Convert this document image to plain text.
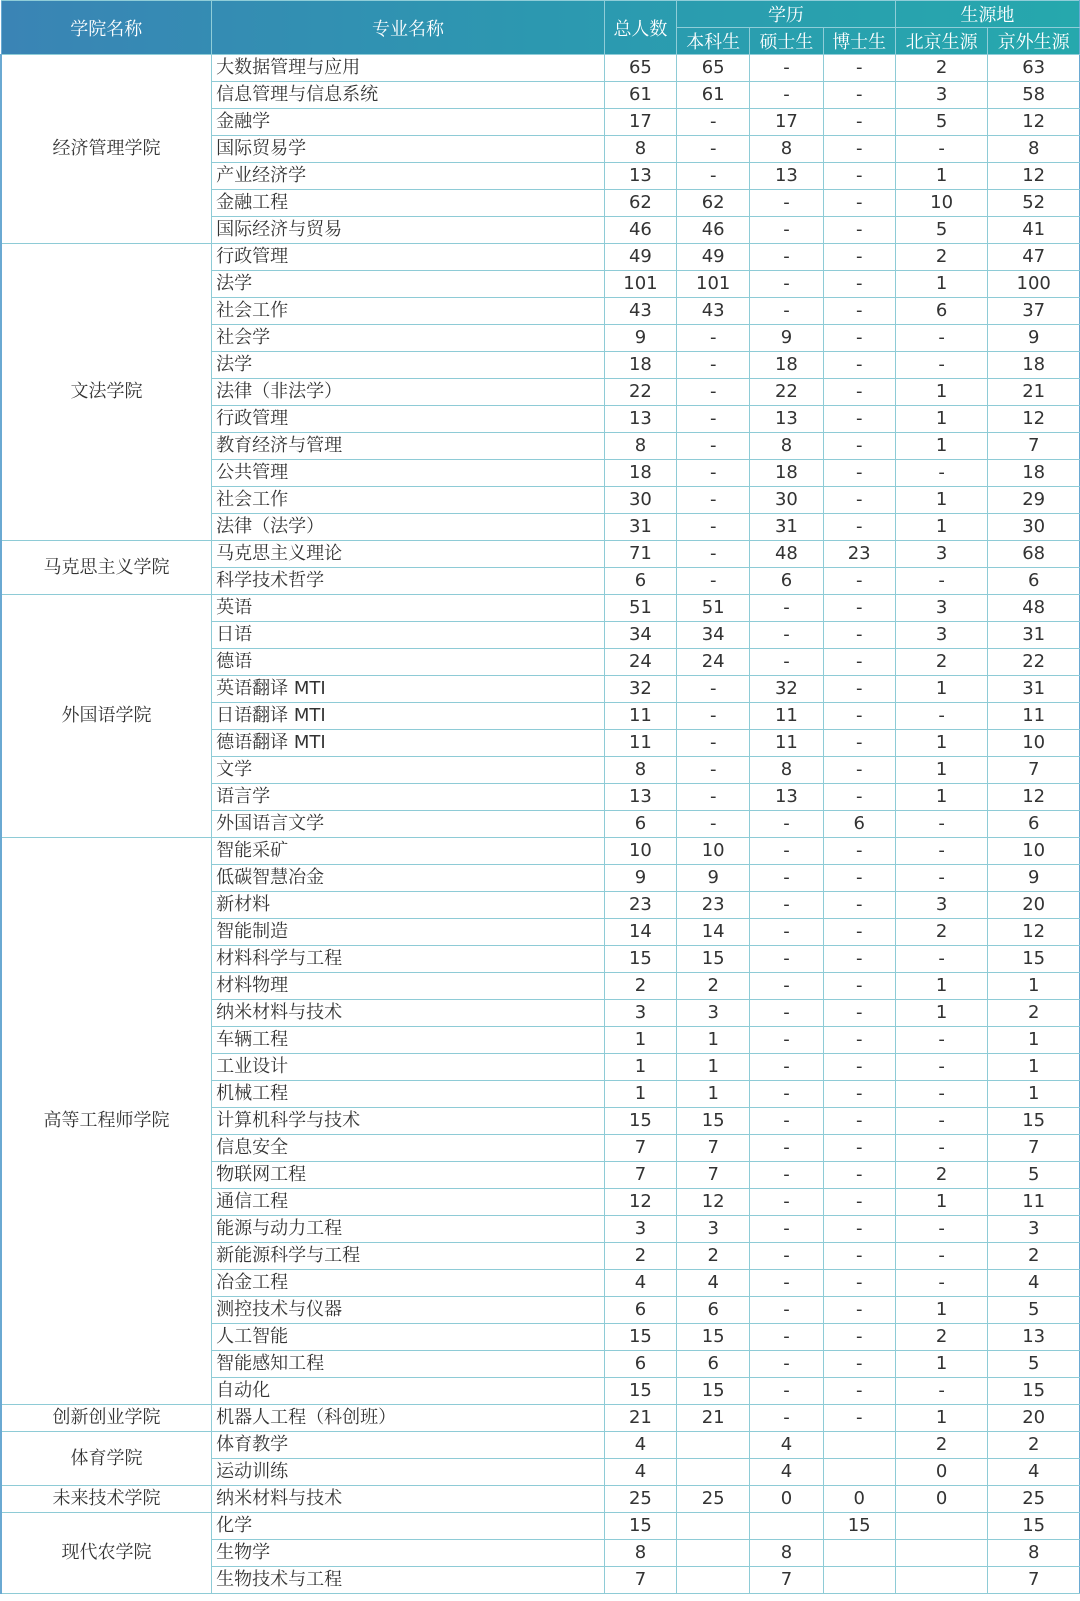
学院名称	专业名称	总人数	学历			生源地	
			本科生	硕士生	博士生	北京生源	京外生源
经济管理学院	大数据管理与应用	65	65	-	-	2	63
	信息管理与信息系统	61	61	-	-	3	58
	金融学	17	-	17	-	5	12
	国际贸易学	8	-	8	-	-	8
	产业经济学	13	-	13	-	1	12
	金融工程	62	62	-	-	10	52
	国际经济与贸易	46	46	-	-	5	41
文法学院	行政管理	49	49	-	-	2	47
	法学	101	101	-	-	1	100
	社会工作	43	43	-	-	6	37
	社会学	9	-	9	-	-	9
	法学	18	-	18	-	-	18
	法律（非法学）	22	-	22	-	1	21
	行政管理	13	-	13	-	1	12
	教育经济与管理	8	-	8	-	1	7
	公共管理	18	-	18	-	-	18
	社会工作	30	-	30	-	1	29
	法律（法学）	31	-	31	-	1	30
马克思主义学院	马克思主义理论	71	-	48	23	3	68
	科学技术哲学	6	-	6	-	-	6
外国语学院	英语	51	51	-	-	3	48
	日语	34	34	-	-	3	31
	德语	24	24	-	-	2	22
	英语翻译 MTI	32	-	32	-	1	31
	日语翻译 MTI	11	-	11	-	-	11
	德语翻译 MTI	11	-	11	-	1	10
	文学	8	-	8	-	1	7
	语言学	13	-	13	-	1	12
	外国语言文学	6	-	-	6	-	6
高等工程师学院	智能采矿	10	10	-	-	-	10
	低碳智慧冶金	9	9	-	-	-	9
	新材料	23	23	-	-	3	20
	智能制造	14	14	-	-	2	12
	材料科学与工程	15	15	-	-	-	15
	材料物理	2	2	-	-	1	1
	纳米材料与技术	3	3	-	-	1	2
	车辆工程	1	1	-	-	-	1
	工业设计	1	1	-	-	-	1
	机械工程	1	1	-	-	-	1
	计算机科学与技术	15	15	-	-	-	15
	信息安全	7	7	-	-	-	7
	物联网工程	7	7	-	-	2	5
	通信工程	12	12	-	-	1	11
	能源与动力工程	3	3	-	-	-	3
	新能源科学与工程	2	2	-	-	-	2
	冶金工程	4	4	-	-	-	4
	测控技术与仪器	6	6	-	-	1	5
	人工智能	15	15	-	-	2	13
	智能感知工程	6	6	-	-	1	5
	自动化	15	15	-	-	-	15
创新创业学院	机器人工程（科创班）	21	21	-	-	1	20
体育学院	体育教学	4		4		2	2
	运动训练	4		4		0	4
未来技术学院	纳米材料与技术	25	25	0	0	0	25
现代农学院	化学	15			15		15
	生物学	8		8			8
	生物技术与工程	7		7			7
